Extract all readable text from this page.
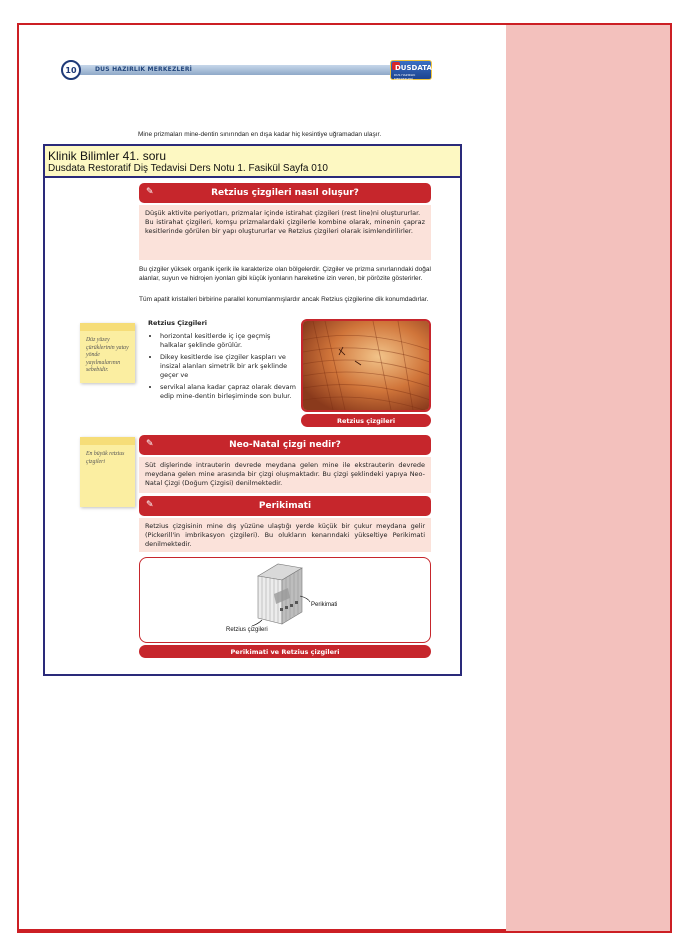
10	DUS HAZIRLIK MERKEZLERİ	DUSDATA
DUS HAZIRLIK MERKEZLERİ
Mine prizmaları mine-dentin sınırından en dışa kadar hiç kesintiye uğramadan ulaşır.
Klinik Bilimler 41. soru
Dusdata Restoratif Diş Tedavisi Ders Notu 1. Fasikül Sayfa 010
✎	Retzius çizgileri nasıl oluşur?
Düşük aktivite periyotları, prizmalar içinde istirahat çizgileri (rest line)ni oluştururlar.
Bu istirahat çizgileri, komşu prizmalardaki çizgilerle kombine olarak, minenin çapraz kesitlerinde görülen bir yapı oluştururlar ve Retzius çizgileri olarak isimlendirilirler.
Bu çizgiler yüksek organik içerik ile karakterize olan bölgelerdir. Çizgiler ve prizma sınırlarındaki doğal alanlar, suyun ve hidrojen iyonları gibi küçük iyonların hareketine izin veren, bir pörözite gösterirler.
Tüm apatit kristalleri birbirine parallel konumlanmışlardır ancak Retzius çizgilerine dik konumdadırlar.
Düz yüzey çürüklerinin yatay yönde yayılmalarının sebebidir.
Retzius Çizgileri
• horizontal kesitlerde iç içe geçmiş halkalar şeklinde görülür.
• Dikey kesitlerde ise çizgiler kaspları ve insizal alanları simetrik bir ark şeklinde geçer ve
• servikal alana kadar çapraz olarak devam edip mine-dentin birleşiminde son bulur.
Retzius çizgileri
En büyük retzius çizgileri
✎	Neo-Natal çizgi nedir?
Süt dişlerinde intrauterin devrede meydana gelen mine ile ekstrauterin devrede meydana gelen mine arasında bir çizgi oluşmaktadır. Bu çizgi şeklindeki yapıya Neo-Natal Çizgi (Doğum Çizgisi) denilmektedir.
✎	Perikimati
Retzius çizgisinin mine dış yüzüne ulaştığı yerde küçük bir çukur meydana gelir (Pickerill'in imbrikasyon çizgileri). Bu olukların kenarındaki yükseltiye Perikimati denilmektedir.
Perikimati
Retzius çizgileri
Perikimati ve Retzius çizgileri
